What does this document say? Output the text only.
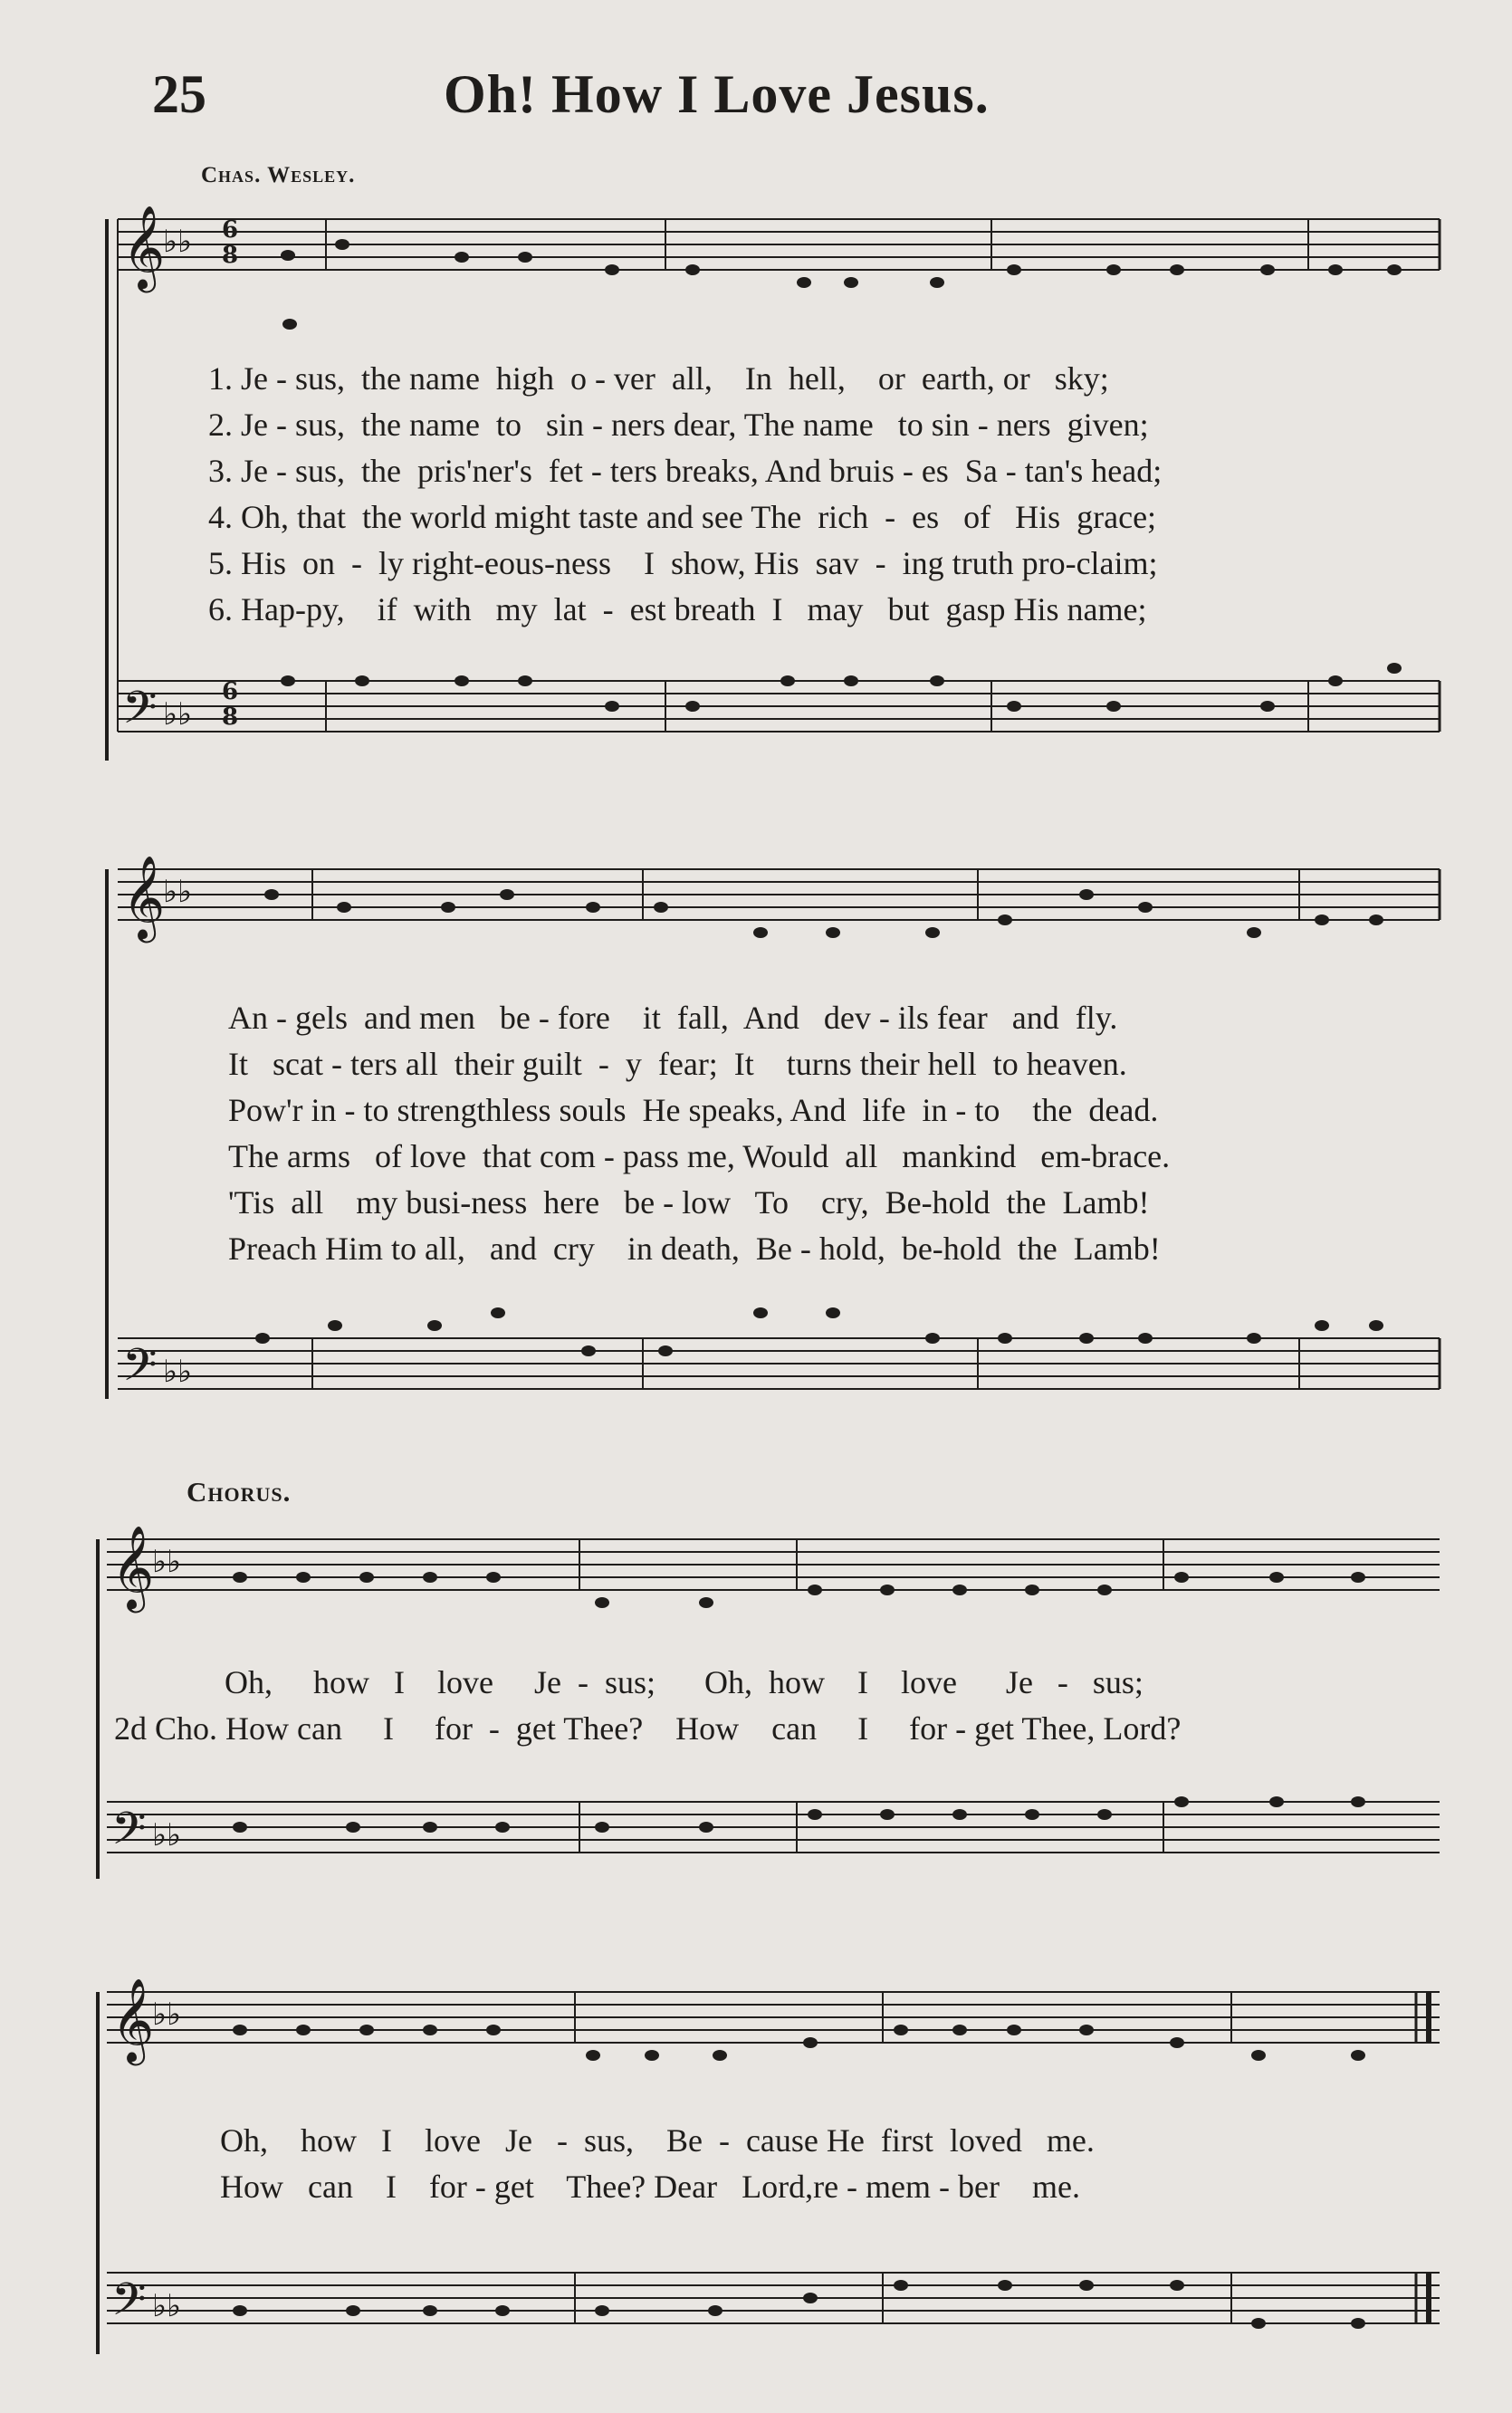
25	Oh! How I Love Jesus.
Chas. Wesley.
𝄞
♭♭ 6
8
𝄢 ♭♭
6
8
𝄞
♭♭
𝄢 ♭♭
𝄞
♭♭
𝄢 ♭♭
𝄞
♭♭
𝄢 ♭♭
1. Je - sus,  the name  high  o - ver  all,    In  hell,    or  earth, or   sky;
2. Je - sus,  the name  to   sin - ners dear, The name   to sin - ners  given;
3. Je - sus,  the  pris'ner's  fet - ters breaks, And bruis - es  Sa - tan's head;
4. Oh, that  the world might taste and see The  rich  -  es   of   His  grace;
5. His  on  -  ly right-eous-ness    I  show, His  sav  -  ing truth pro-claim;
6. Hap-py,    if  with   my  lat  -  est breath  I   may   but  gasp His name;
An - gels  and men   be - fore    it  fall,  And   dev - ils fear   and  fly.
It   scat - ters all  their guilt  -  y  fear;  It    turns their hell  to heaven.
Pow'r in - to strengthless souls  He speaks, And  life  in - to    the  dead.
The arms   of love  that com - pass me, Would  all   mankind   em-brace.
'Tis  all    my busi-ness  here   be - low   To    cry,  Be-hold  the  Lamb!
Preach Him to all,   and  cry    in death,  Be - hold,  be-hold  the  Lamb!
Chorus.
Oh,     how   I    love     Je  -  sus;      Oh,  how    I    love      Je   -   sus;
2d Cho. How can     I     for  -  get Thee?    How    can     I     for - get Thee, Lord?
Oh,    how   I    love   Je   -  sus,    Be  -  cause He  first  loved   me.
How   can    I    for - get    Thee? Dear   Lord,re - mem - ber    me.
